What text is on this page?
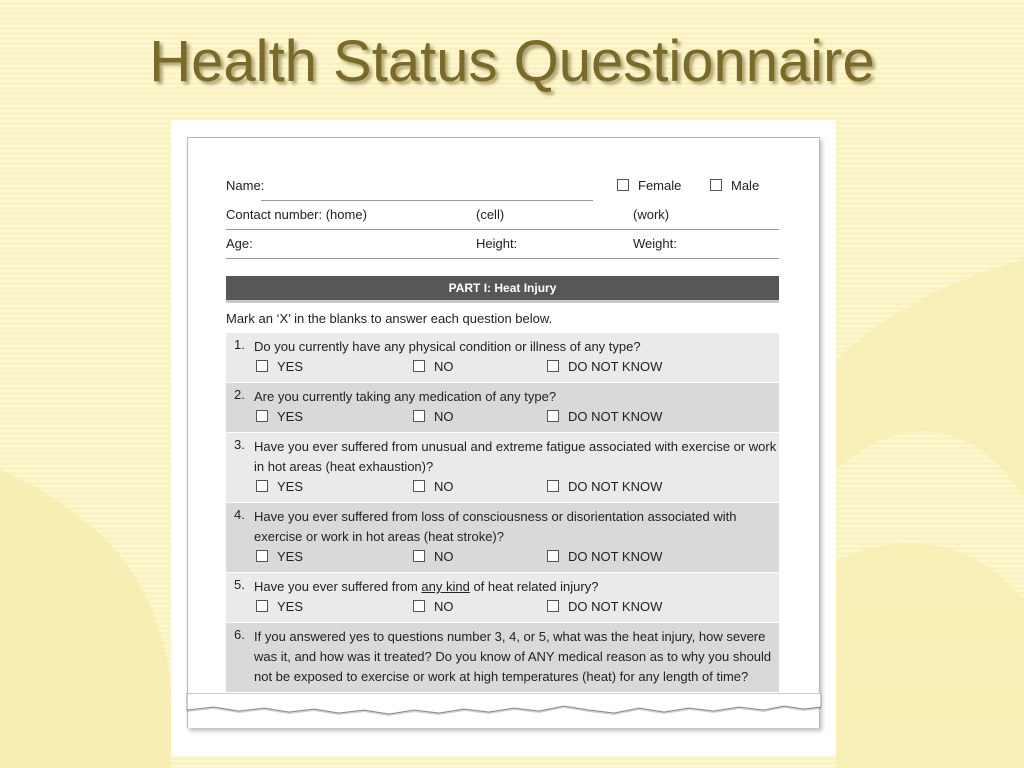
Health Status Questionnaire
Name:	Female	Male
Contact number: (home)	(cell)	(work)
Age:	Height:	Weight:
PART I: Heat Injury
Mark an ‘X’ in the blanks to answer each question below.
1. Do you currently have any physical condition or illness of any type?
YES	NO	DO NOT KNOW
2. Are you currently taking any medication of any type?
YES	NO	DO NOT KNOW
3. Have you ever suffered from unusual and extreme fatigue associated with exercise or work in hot areas (heat exhaustion)?
YES	NO	DO NOT KNOW
4. Have you ever suffered from loss of consciousness or disorientation associated with exercise or work in hot areas (heat stroke)?
YES	NO	DO NOT KNOW
5. Have you ever suffered from any kind of heat related injury?
YES	NO	DO NOT KNOW
6. If you answered yes to questions number 3, 4, or 5, what was the heat injury, how severe was it, and how was it treated? Do you know of ANY medical reason as to why you should not be exposed to exercise or work at high temperatures (heat) for any length of time?
